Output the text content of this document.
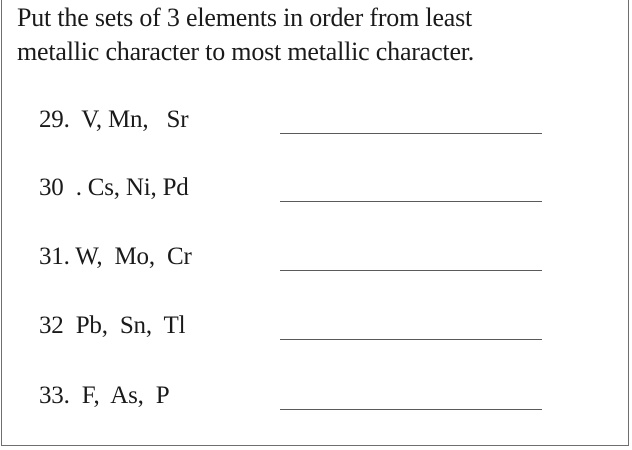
Put the sets of 3 elements in order from least
metallic character to most metallic character.
29.  V, Mn,   Sr
30  . Cs, Ni, Pd
31. W,  Mo,  Cr
32  Pb,  Sn,  Tl
33.  F,  As,  P
